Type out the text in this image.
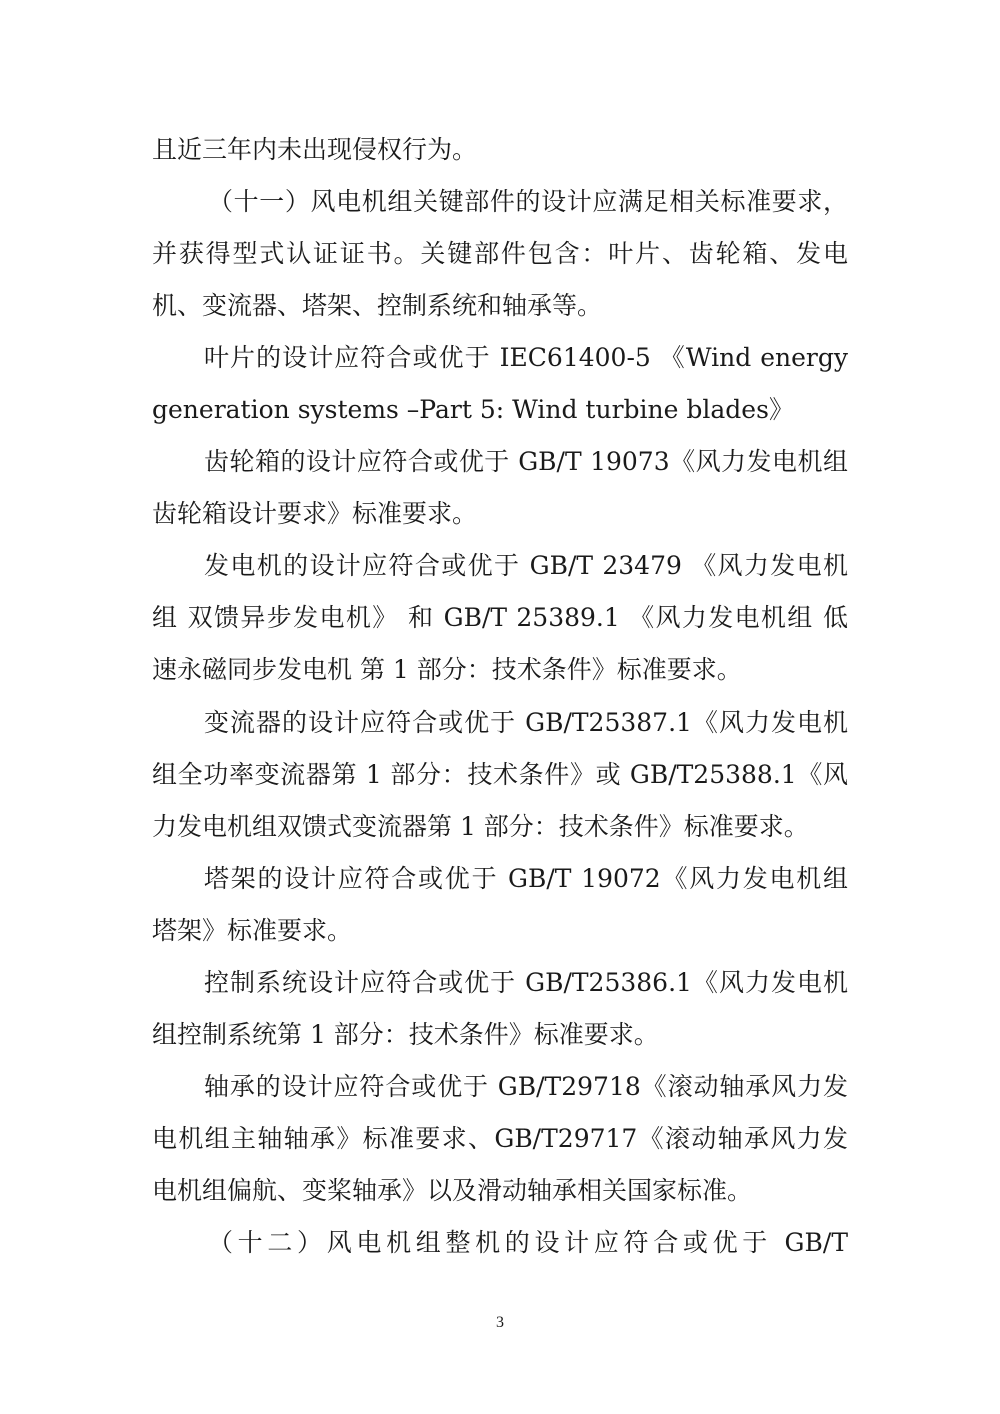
且近三年内未出现侵权行为。
（十一）风电机组关键部件的设计应满足相关标准要求，
并获得型式认证证书。关键部件包含：叶片、齿轮箱、发电
机、变流器、塔架、控制系统和轴承等。
叶片的设计应符合或优于 IEC61400-5 《Wind energy
generation systems –Part 5: Wind turbine blades》
齿轮箱的设计应符合或优于 GB/T 19073《风力发电机组
齿轮箱设计要求》标准要求。
发电机的设计应符合或优于 GB/T 23479 《风力发电机
组 双馈异步发电机》 和 GB/T 25389.1 《风力发电机组 低
速永磁同步发电机 第 1 部分：技术条件》标准要求。
变流器的设计应符合或优于 GB/T25387.1《风力发电机
组全功率变流器第 1 部分：技术条件》或 GB/T25388.1《风
力发电机组双馈式变流器第 1 部分：技术条件》标准要求。
塔架的设计应符合或优于 GB/T 19072《风力发电机组
塔架》标准要求。
控制系统设计应符合或优于 GB/T25386.1《风力发电机
组控制系统第 1 部分：技术条件》标准要求。
轴承的设计应符合或优于 GB/T29718《滚动轴承风力发
电机组主轴轴承》标准要求、GB/T29717《滚动轴承风力发
电机组偏航、变桨轴承》以及滑动轴承相关国家标准。
（十二）风电机组整机的设计应符合或优于 GB/T
3
